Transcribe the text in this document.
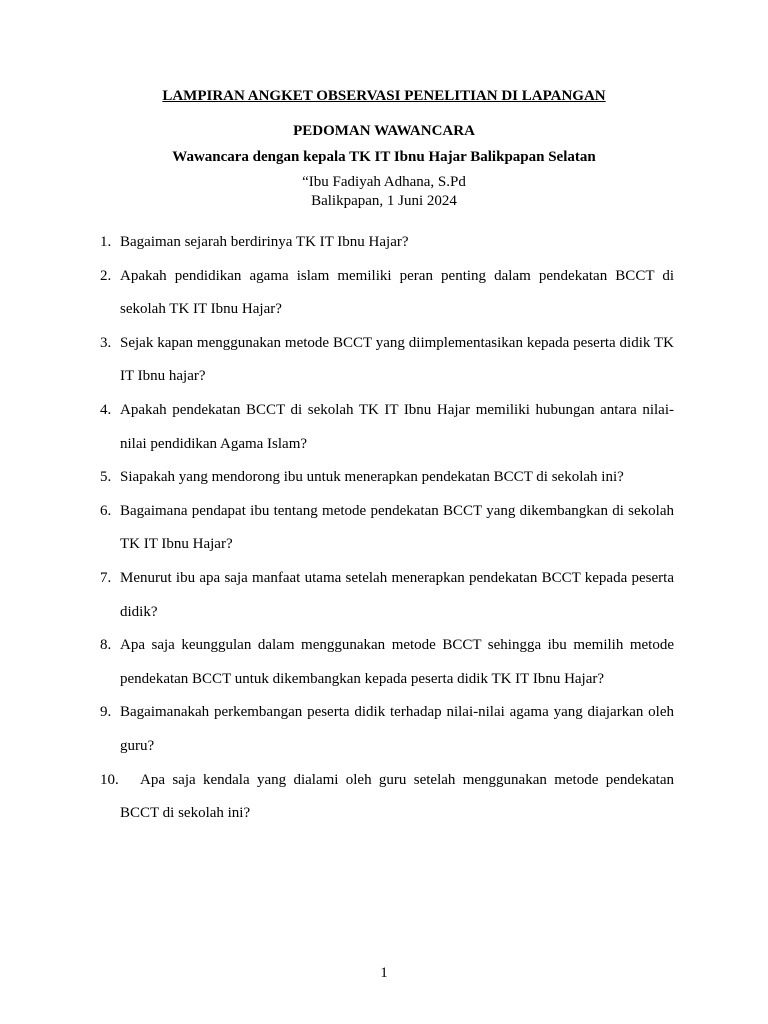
LAMPIRAN ANGKET OBSERVASI PENELITIAN DI LAPANGAN
PEDOMAN WAWANCARA
Wawancara dengan kepala TK IT Ibnu Hajar Balikpapan Selatan
“Ibu Fadiyah Adhana, S.Pd
Balikpapan, 1 Juni 2024
1. Bagaiman sejarah berdirinya TK IT Ibnu Hajar?
2. Apakah pendidikan agama islam memiliki peran penting dalam pendekatan BCCT di sekolah TK IT Ibnu Hajar?
3. Sejak kapan menggunakan metode BCCT yang diimplementasikan kepada peserta didik TK IT Ibnu hajar?
4. Apakah pendekatan BCCT di sekolah TK IT Ibnu Hajar memiliki hubungan antara nilai-nilai pendidikan Agama Islam?
5. Siapakah yang mendorong ibu untuk menerapkan pendekatan BCCT di sekolah ini?
6. Bagaimana pendapat ibu tentang metode pendekatan BCCT yang dikembangkan di sekolah TK IT Ibnu Hajar?
7. Menurut ibu apa saja manfaat utama setelah menerapkan pendekatan BCCT kepada peserta didik?
8. Apa saja keunggulan dalam menggunakan metode BCCT sehingga ibu memilih metode pendekatan BCCT untuk dikembangkan kepada peserta didik TK IT Ibnu Hajar?
9. Bagaimanakah perkembangan peserta didik terhadap nilai-nilai agama yang diajarkan oleh guru?
10.	Apa saja kendala yang dialami oleh guru setelah menggunakan metode pendekatan BCCT di sekolah ini?
1
